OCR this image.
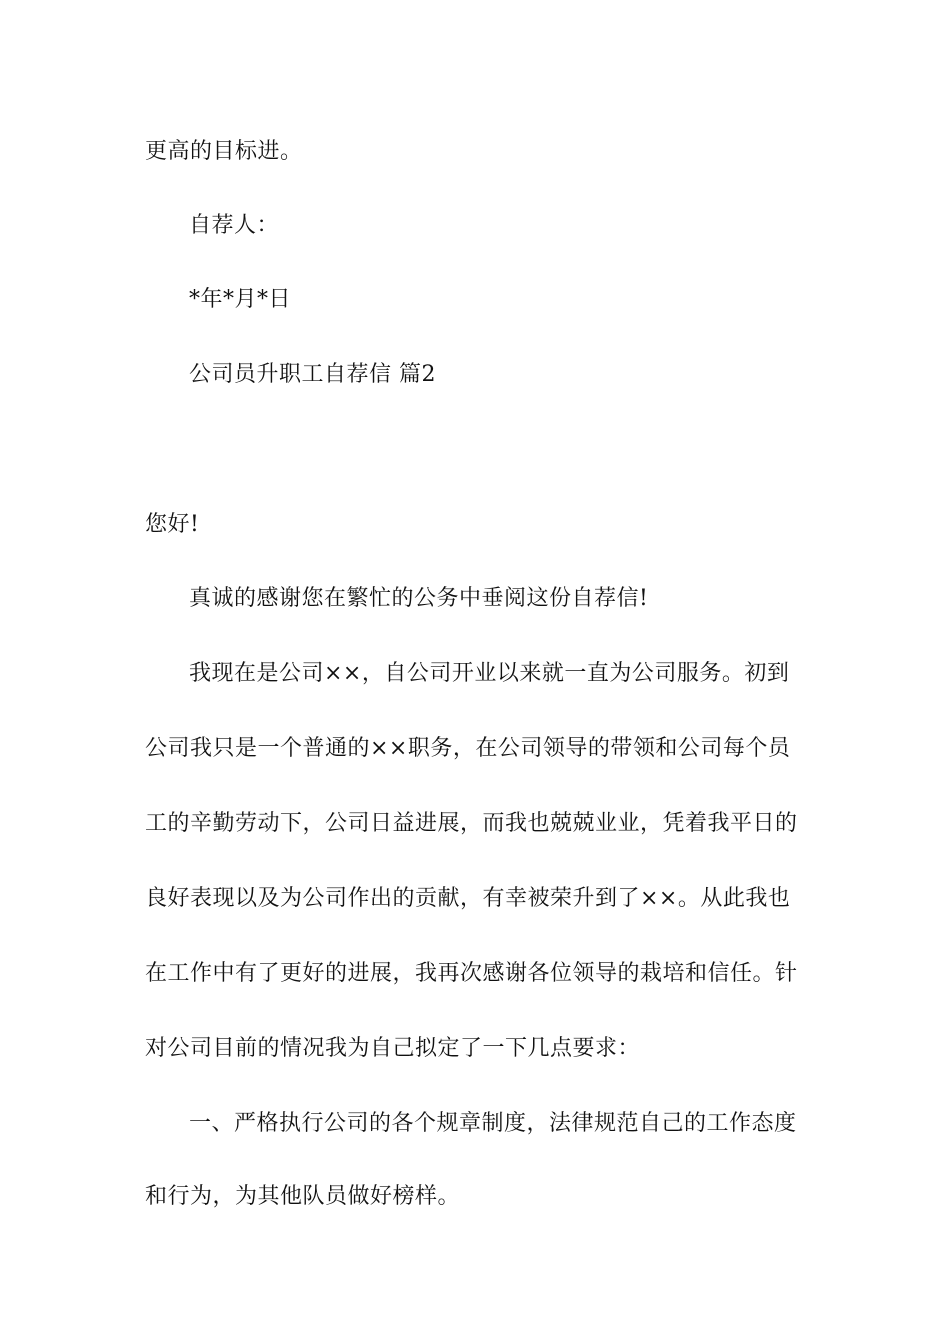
更高的目标进。
自荐人：
*年*月*日
公司员升职工自荐信 篇2
您好!
真诚的感谢您在繁忙的公务中垂阅这份自荐信!
我现在是公司××，自公司开业以来就一直为公司服务。初到
公司我只是一个普通的××职务，在公司领导的带领和公司每个员
工的辛勤劳动下，公司日益进展，而我也兢兢业业，凭着我平日的
良好表现以及为公司作出的贡献，有幸被荣升到了××。从此我也
在工作中有了更好的进展，我再次感谢各位领导的栽培和信任。针
对公司目前的情况我为自己拟定了一下几点要求：
一、严格执行公司的各个规章制度，法律规范自己的工作态度
和行为，为其他队员做好榜样。
